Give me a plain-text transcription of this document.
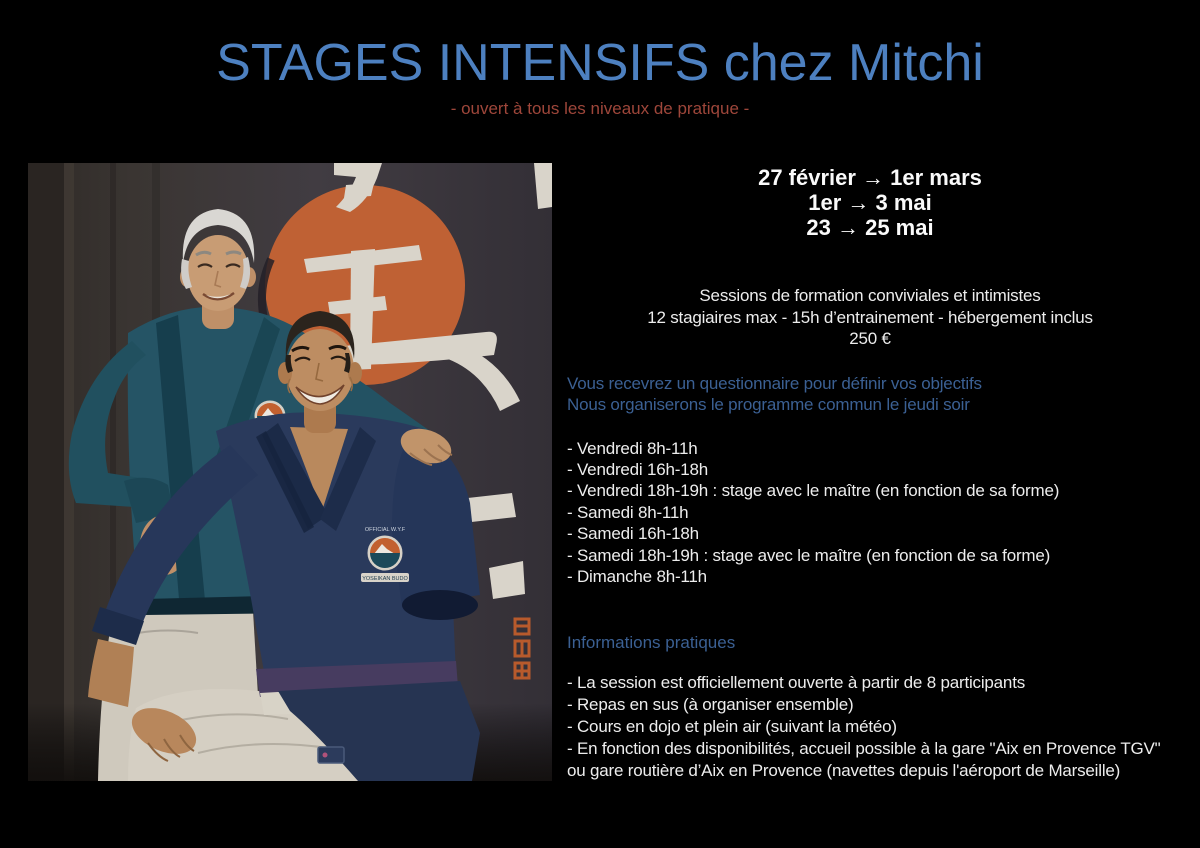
STAGES INTENSIFS chez Mitchi
- ouvert à tous les niveaux de pratique -
OFFICIAL W.Y.F
YOSEIKAN BUDO
27 février → 1er mars
1er → 3 mai
23 → 25 mai
Sessions de formation conviviales et intimistes
12 stagiaires max - 15h d’entrainement - hébergement inclus
250 €
Vous recevrez un questionnaire pour définir vos objectifs
Nous organiserons le programme commun le jeudi soir
- Vendredi 8h-11h
- Vendredi 16h-18h
- Vendredi 18h-19h : stage avec le maître (en fonction de sa forme)
- Samedi 8h-11h
- Samedi 16h-18h
- Samedi 18h-19h : stage avec le maître (en fonction de sa forme)
- Dimanche 8h-11h
Informations pratiques
- La session est officiellement ouverte à partir de 8 participants
- Repas en sus (à organiser ensemble)
- Cours en dojo et plein air (suivant la météo)
- En fonction des disponibilités, accueil possible à la gare "Aix en Provence TGV" ou gare routière d’Aix en Provence (navettes depuis l'aéroport de Marseille)
